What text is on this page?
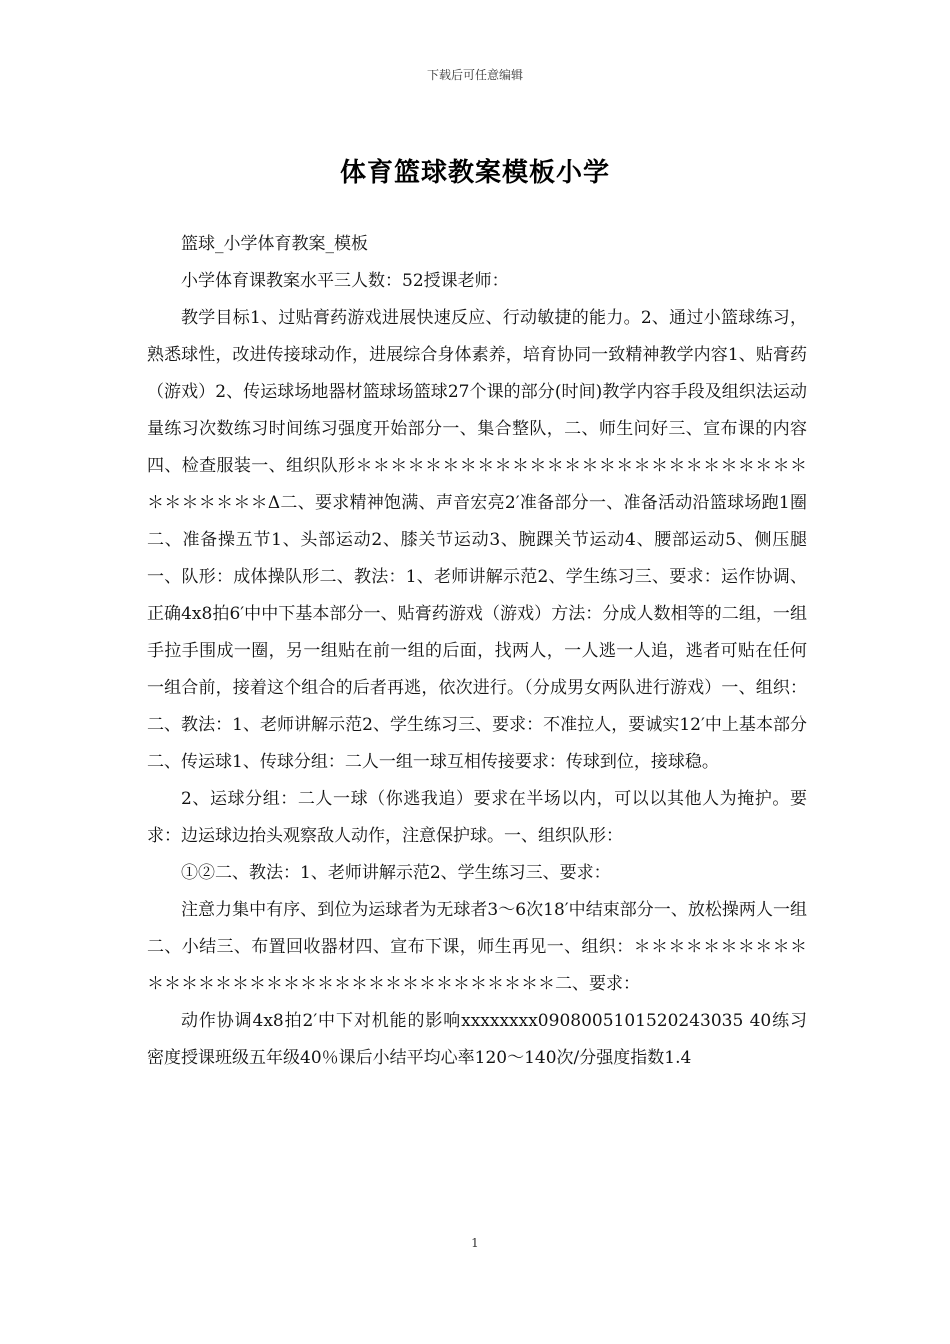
下载后可任意编辑
体育篮球教案模板小学

篮球_小学体育教案_模板

小学体育课教案水平三人数：52授课老师：

教学目标1、过贴膏药游戏进展快速反应、行动敏捷的能力。2、通过小篮球练习，熟悉球性，改进传接球动作，进展综合身体素养，培育协同一致精神教学内容1、贴膏药（游戏）2、传运球场地器材篮球场篮球27个课的部分(时间)教学内容手段及组织法运动量练习次数练习时间练习强度开始部分一、集合整队，二、师生问好三、宣布课的内容四、检查服装一、组织队形＊＊＊＊＊＊＊＊＊＊＊＊＊＊＊＊＊＊＊＊＊＊＊＊＊＊＊＊＊＊＊＊＊Δ二、要求精神饱满、声音宏亮2′准备部分一、准备活动沿篮球场跑1圈二、准备操五节1、头部运动2、膝关节运动3、腕踝关节运动4、腰部运动5、侧压腿一、队形：成体操队形二、教法：1、老师讲解示范2、学生练习三、要求：运作协调、正确4x8拍6′中中下基本部分一、贴膏药游戏（游戏）方法：分成人数相等的二组，一组手拉手围成一圈，另一组贴在前一组的后面，找两人，一人逃一人追，逃者可贴在任何一组合前，接着这个组合的后者再逃，依次进行。（分成男女两队进行游戏）一、组织：二、教法：1、老师讲解示范2、学生练习三、要求：不准拉人，要诚实12′中上基本部分二、传运球1、传球分组：二人一组一球互相传接要求：传球到位，接球稳。

2、运球分组：二人一球（你逃我追）要求在半场以内，可以以其他人为掩护。要求：边运球边抬头观察敌人动作，注意保护球。一、组织队形：

①②二、教法：1、老师讲解示范2、学生练习三、要求：

注意力集中有序、到位为运球者为无球者3～6次18′中结束部分一、放松操两人一组二、小结三、布置回收器材四、宣布下课，师生再见一、组织：＊＊＊＊＊＊＊＊＊＊＊＊＊＊＊＊＊＊＊＊＊＊＊＊＊＊＊＊＊＊＊＊＊＊二、要求：

动作协调4x8拍2′中下对机能的影响xxxxxxxx0908005101520243035 40练习密度授课班级五年级40％课后小结平均心率120～140次/分强度指数1.4

1
